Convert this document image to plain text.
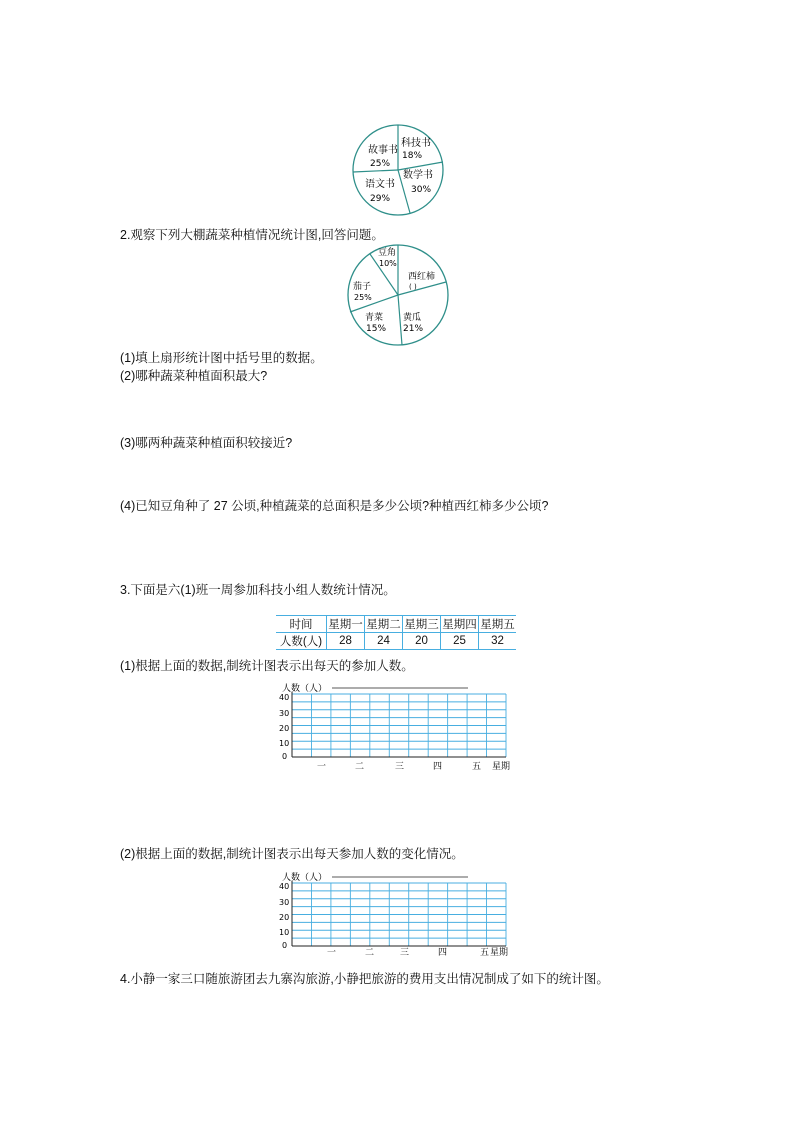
故事书
25%
科技书
18%
数学书
30%
语文书
29%
2.观察下列大棚蔬菜种植情况统计图,回答问题。
豆角
10%
西红柿
( )
黄瓜
21%
青菜
15%
茄子
25%
(1)填上扇形统计图中括号里的数据。
(2)哪种蔬菜种植面积最大?
(3)哪两种蔬菜种植面积较接近?
(4)已知豆角种了 27 公顷,种植蔬菜的总面积是多少公顷?种植西红柿多少公顷?
3.下面是六(1)班一周参加科技小组人数统计情况。
时间	星期一	星期二	星期三	星期四	星期五
人数(人)	28	24	20	25	32
(1)根据上面的数据,制统计图表示出每天的参加人数。
人数（人）
40
30
20
10
0
一	二	三	四	五 星期
(2)根据上面的数据,制统计图表示出每天参加人数的变化情况。
人数（人）
40
30
20
10
0
一	二	三	四	五 星期
4.小静一家三口随旅游团去九寨沟旅游,小静把旅游的费用支出情况制成了如下的统计图。
